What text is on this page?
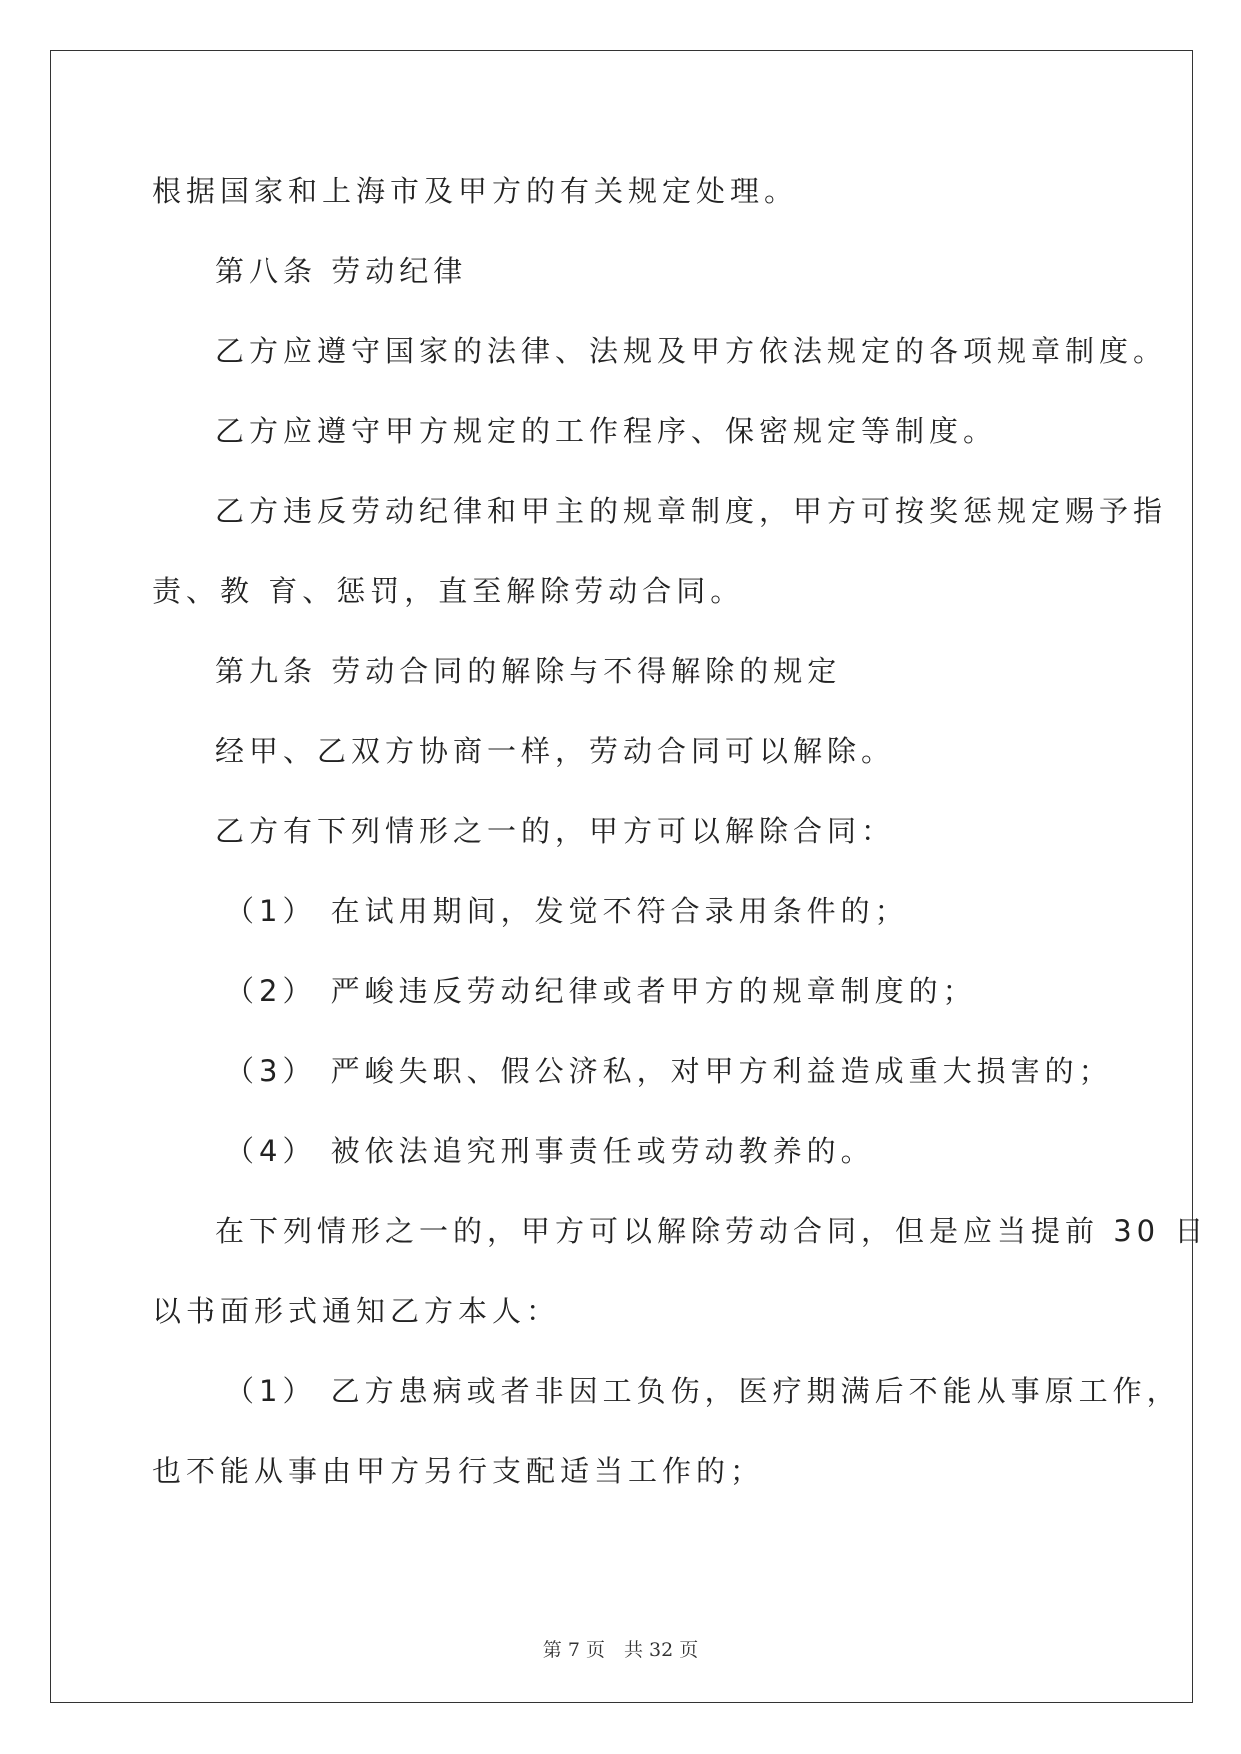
根据国家和上海市及甲方的有关规定处理。

第八条 劳动纪律

乙方应遵守国家的法律、法规及甲方依法规定的各项规章制度。

乙方应遵守甲方规定的工作程序、保密规定等制度。

乙方违反劳动纪律和甲主的规章制度，甲方可按奖惩规定赐予指

责、教 育、惩罚，直至解除劳动合同。

第九条 劳动合同的解除与不得解除的规定

经甲、乙双方协商一样，劳动合同可以解除。

乙方有下列情形之一的，甲方可以解除合同：

（1） 在试用期间，发觉不符合录用条件的；

（2） 严峻违反劳动纪律或者甲方的规章制度的；

（3） 严峻失职、假公济私，对甲方利益造成重大损害的；

（4） 被依法追究刑事责任或劳动教养的。

在下列情形之一的，甲方可以解除劳动合同，但是应当提前 30 日

以书面形式通知乙方本人：

（1） 乙方患病或者非因工负伤，医疗期满后不能从事原工作，

也不能从事由甲方另行支配适当工作的；

第 7 页　共 32 页
